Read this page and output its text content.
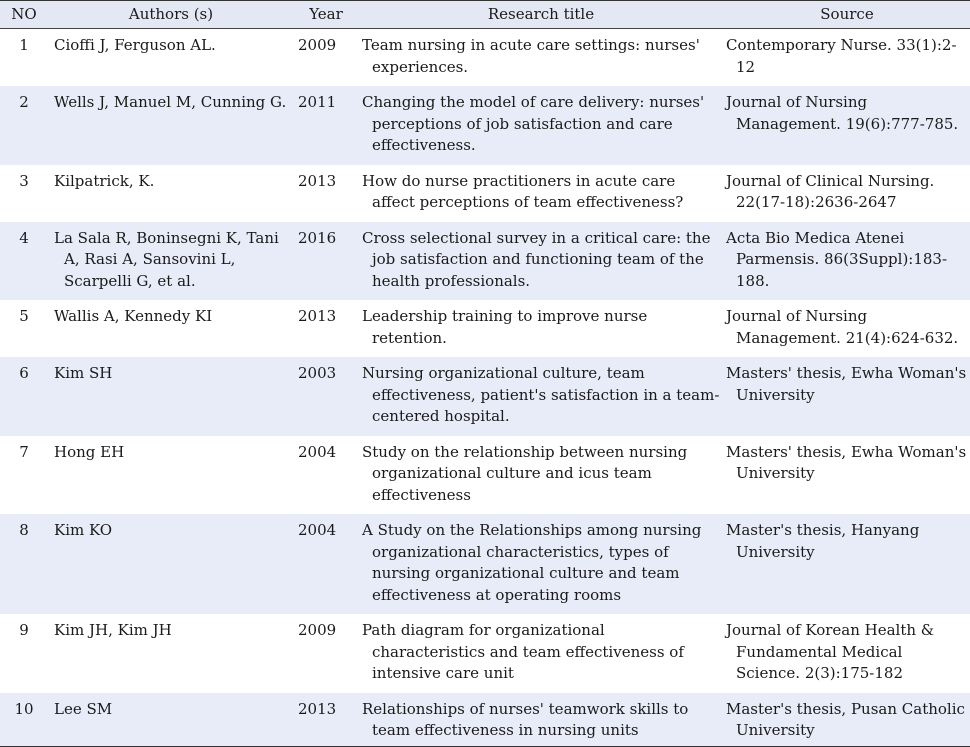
NO	Authors (s)	Year	Research title	Source
1	Cioffi J, Ferguson AL.	2009	Team nursing in acute care settings: nurses' experiences.	Contemporary Nurse. 33(1):2-12

2	Wells J, Manuel M, Cunning G.	2011	Changing the model of care delivery: nurses' perceptions of job satisfaction and care effectiveness.	Journal of Nursing Management. 19(6):777-785.

3	Kilpatrick, K.	2013	How do nurse practitioners in acute care affect perceptions of team effectiveness?	Journal of Clinical Nursing. 22(17-18):2636-2647

4	La Sala R, Boninsegni K, Tani A, Rasi A, Sansovini L, Scarpelli G, et al.	2016	Cross selectional survey in a critical care: the job satisfaction and functioning team of the health professionals.	Acta Bio Medica Atenei Parmensis. 86(3Suppl):183-188.

5	Wallis A, Kennedy KI	2013	Leadership training to improve nurse retention.	Journal of Nursing Management. 21(4):624-632.

6	Kim SH	2003	Nursing organizational culture, team effectiveness, patient's satisfaction in a team-centered hospital.	Masters' thesis, Ewha Woman's University

7	Hong EH	2004	Study on the relationship between nursing organizational culture and icus team effectiveness	Masters' thesis, Ewha Woman's University

8	Kim KO	2004	A Study on the Relationships among nursing organizational characteristics, types of nursing organizational culture and team effectiveness at operating rooms	Master's thesis, Hanyang University

9	Kim JH, Kim JH	2009	Path diagram for organizational characteristics and team effectiveness of intensive care unit	Journal of Korean Health & Fundamental Medical Science. 2(3):175-182

10	Lee SM	2013	Relationships of nurses' teamwork skills to team effectiveness in nursing units	Master's thesis, Pusan Catholic University
